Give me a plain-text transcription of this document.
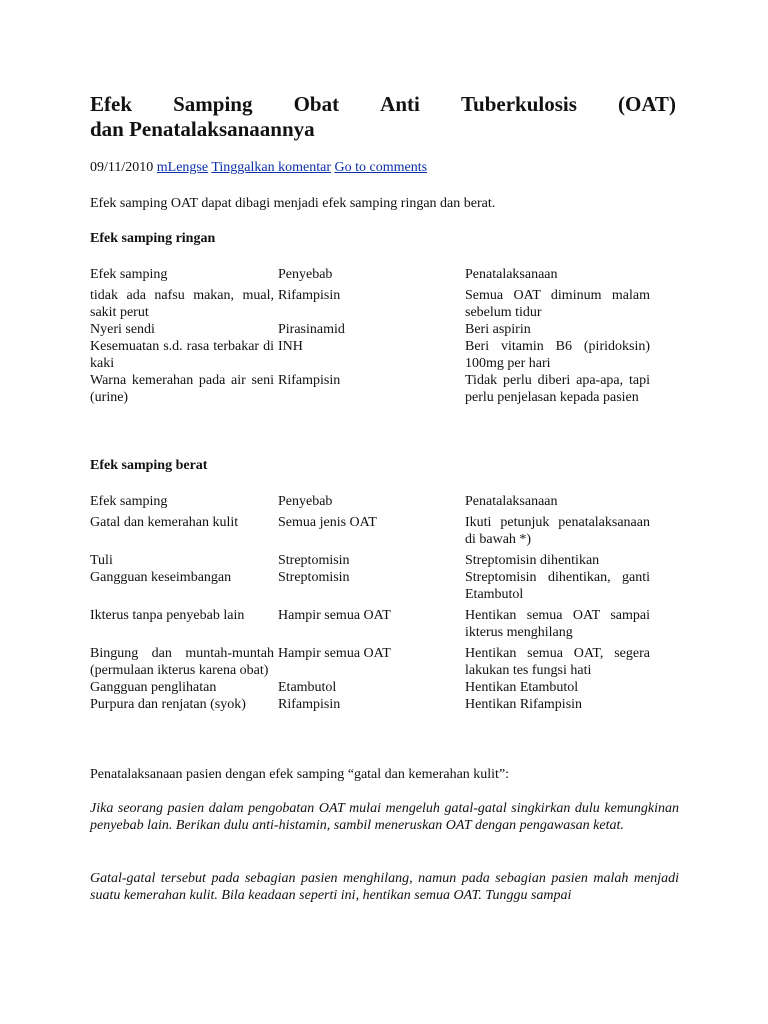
Efek Samping Obat Anti Tuberkulosis (OAT)
dan Penatalaksanaannya
09/11/2010 mLengse Tinggalkan komentar Go to comments

Efek samping OAT dapat dibagi menjadi efek samping ringan dan berat.

Efek samping ringan
Efek samping	Penyebab	Penatalaksanaan
tidak ada nafsu makan, mual, sakit perut	Rifampisin	Semua OAT diminum malam sebelum tidur
Nyeri sendi	Pirasinamid	Beri aspirin
Kesemuatan s.d. rasa terbakar di kaki	INH	Beri vitamin B6 (piridoksin) 100mg per hari
Warna kemerahan pada air seni (urine)	Rifampisin	Tidak perlu diberi apa-apa, tapi perlu penjelasan kepada pasien
Efek samping berat
Efek samping	Penyebab	Penatalaksanaan
Gatal dan kemerahan kulit	Semua jenis OAT	Ikuti petunjuk penatalaksanaan di bawah *)
Tuli	Streptomisin	Streptomisin dihentikan
Gangguan keseimbangan	Streptomisin	Streptomisin dihentikan, ganti Etambutol
Ikterus tanpa penyebab lain	Hampir semua OAT	Hentikan semua OAT sampai ikterus menghilang
Bingung dan muntah-muntah (permulaan ikterus karena obat)	Hampir semua OAT	Hentikan semua OAT, segera lakukan tes fungsi hati
Gangguan penglihatan	Etambutol	Hentikan Etambutol
Purpura dan renjatan (syok)	Rifampisin	Hentikan Rifampisin

Penatalaksanaan pasien dengan efek samping “gatal dan kemerahan kulit”:

Jika seorang pasien dalam pengobatan OAT mulai mengeluh gatal-gatal singkirkan dulu kemungkinan penyebab lain. Berikan dulu anti-histamin, sambil meneruskan OAT dengan pengawasan ketat.

Gatal-gatal tersebut pada sebagian pasien menghilang, namun pada sebagian pasien malah menjadi suatu kemerahan kulit. Bila keadaan seperti ini, hentikan semua OAT. Tunggu sampai
